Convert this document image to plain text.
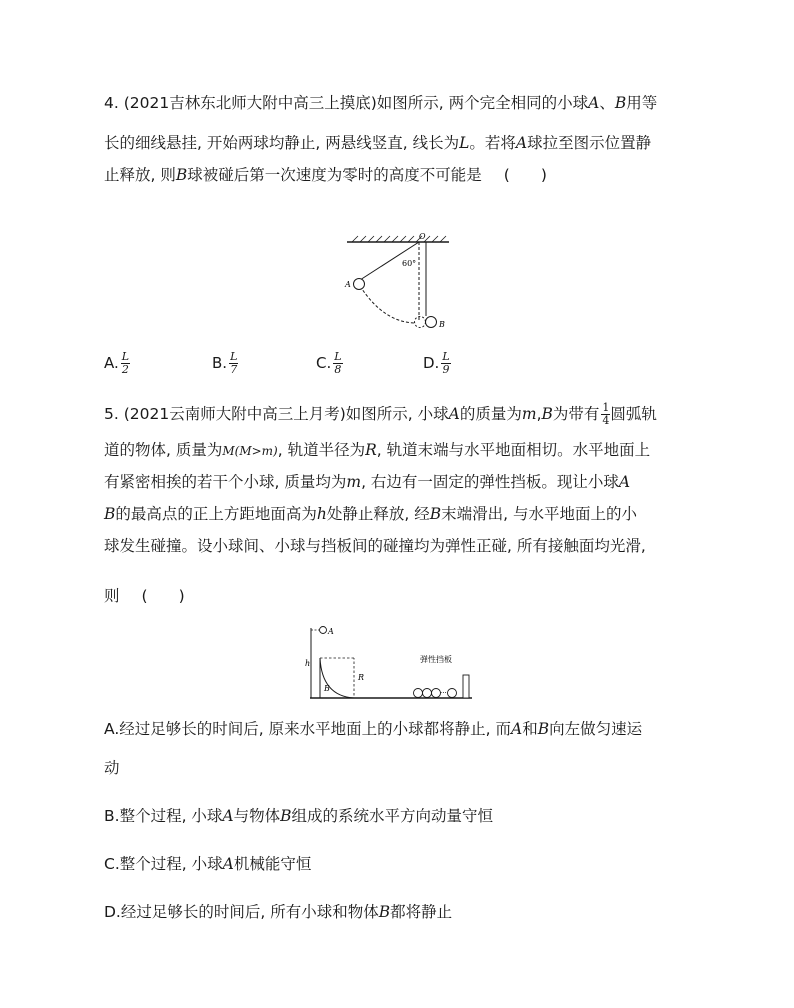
4. (2021吉林东北师大附中高三上摸底)如图所示, 两个完全相同的小球A、B用等
长的细线悬挂, 开始两球均静止, 两悬线竖直, 线长为L。若将A球拉至图示位置静
止释放, 则B球被碰后第一次速度为零时的高度不可能是 (　　)
O
60°
A
B
A. $\frac{L}{2}$	B. $\frac{L}{7}$	C. $\frac{L}{8}$	D. $\frac{L}{9}$
5. (2021云南师大附中高三上月考)如图所示, 小球A的质量为m,B为带有 $\frac{1}{4}$ 圆弧轨
道的物体, 质量为M(M>m), 轨道半径为R, 轨道末端与水平地面相切。水平地面上
有紧密相挨的若干个小球, 质量均为m, 右边有一固定的弹性挡板。现让小球A
B的最高点的正上方距地面高为h处静止释放, 经B末端滑出, 与水平地面上的小
球发生碰撞。设小球间、小球与挡板间的碰撞均为弹性正碰, 所有接触面均光滑,
则 (　　)
A
h
B
R
···
弹性挡板
A.经过足够长的时间后, 原来水平地面上的小球都将静止, 而A和B向左做匀速运
动
B.整个过程, 小球A与物体B组成的系统水平方向动量守恒
C.整个过程, 小球A机械能守恒
D.经过足够长的时间后, 所有小球和物体B都将静止
